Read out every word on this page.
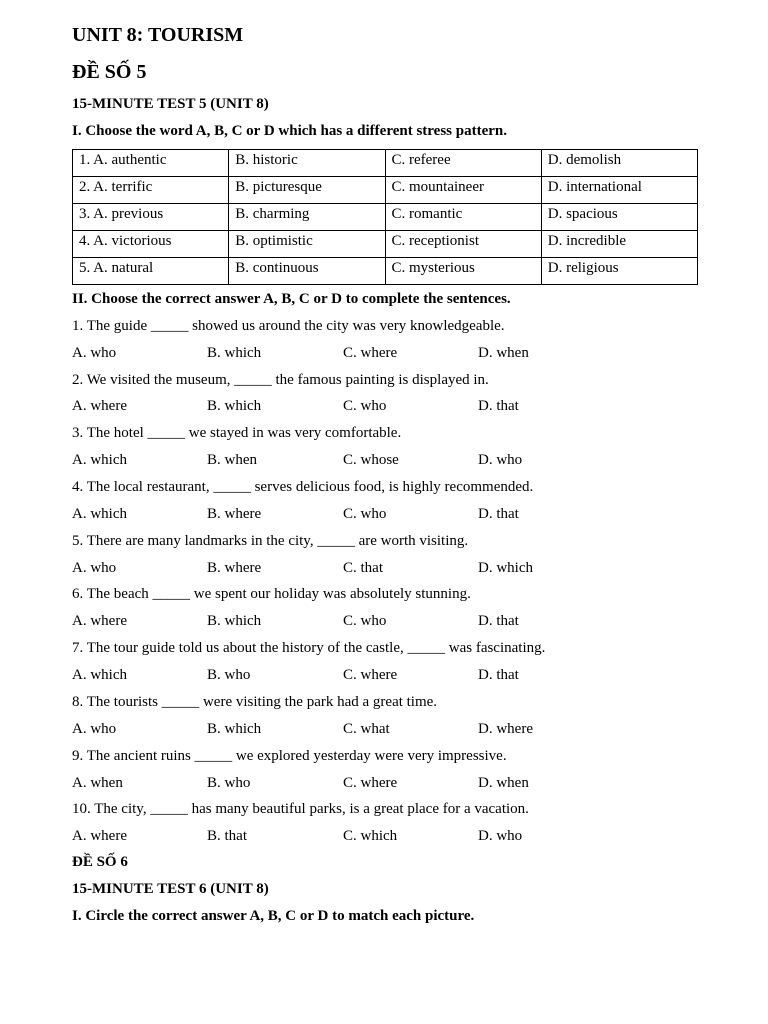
UNIT 8: TOURISM
ĐỀ SỐ 5
15-MINUTE TEST 5 (UNIT 8)
I. Choose the word A, B, C or D which has a different stress pattern.
1. A. authentic	B. historic	C. referee	D. demolish
2. A. terrific	B. picturesque	C. mountaineer	D. international
3. A. previous	B. charming	C. romantic	D. spacious
4. A. victorious	B. optimistic	C. receptionist	D. incredible
5. A. natural	B. continuous	C. mysterious	D. religious
II. Choose the correct answer A, B, C or D to complete the sentences.
1. The guide _____ showed us around the city was very knowledgeable.
A. who	B. which	C. where	D. when
2. We visited the museum, _____ the famous painting is displayed in.
A. where	B. which	C. who	D. that
3. The hotel _____ we stayed in was very comfortable.
A. which	B. when	C. whose	D. who
4. The local restaurant, _____ serves delicious food, is highly recommended.
A. which	B. where	C. who	D. that
5. There are many landmarks in the city, _____ are worth visiting.
A. who	B. where	C. that	D. which
6. The beach _____ we spent our holiday was absolutely stunning.
A. where	B. which	C. who	D. that
7. The tour guide told us about the history of the castle, _____ was fascinating.
A. which	B. who	C. where	D. that
8. The tourists _____ were visiting the park had a great time.
A. who	B. which	C. what	D. where
9. The ancient ruins _____ we explored yesterday were very impressive.
A. when	B. who	C. where	D. when
10. The city, _____ has many beautiful parks, is a great place for a vacation.
A. where	B. that	C. which	D. who
ĐỀ SỐ 6
15-MINUTE TEST 6 (UNIT 8)
I. Circle the correct answer A, B, C or D to match each picture.
